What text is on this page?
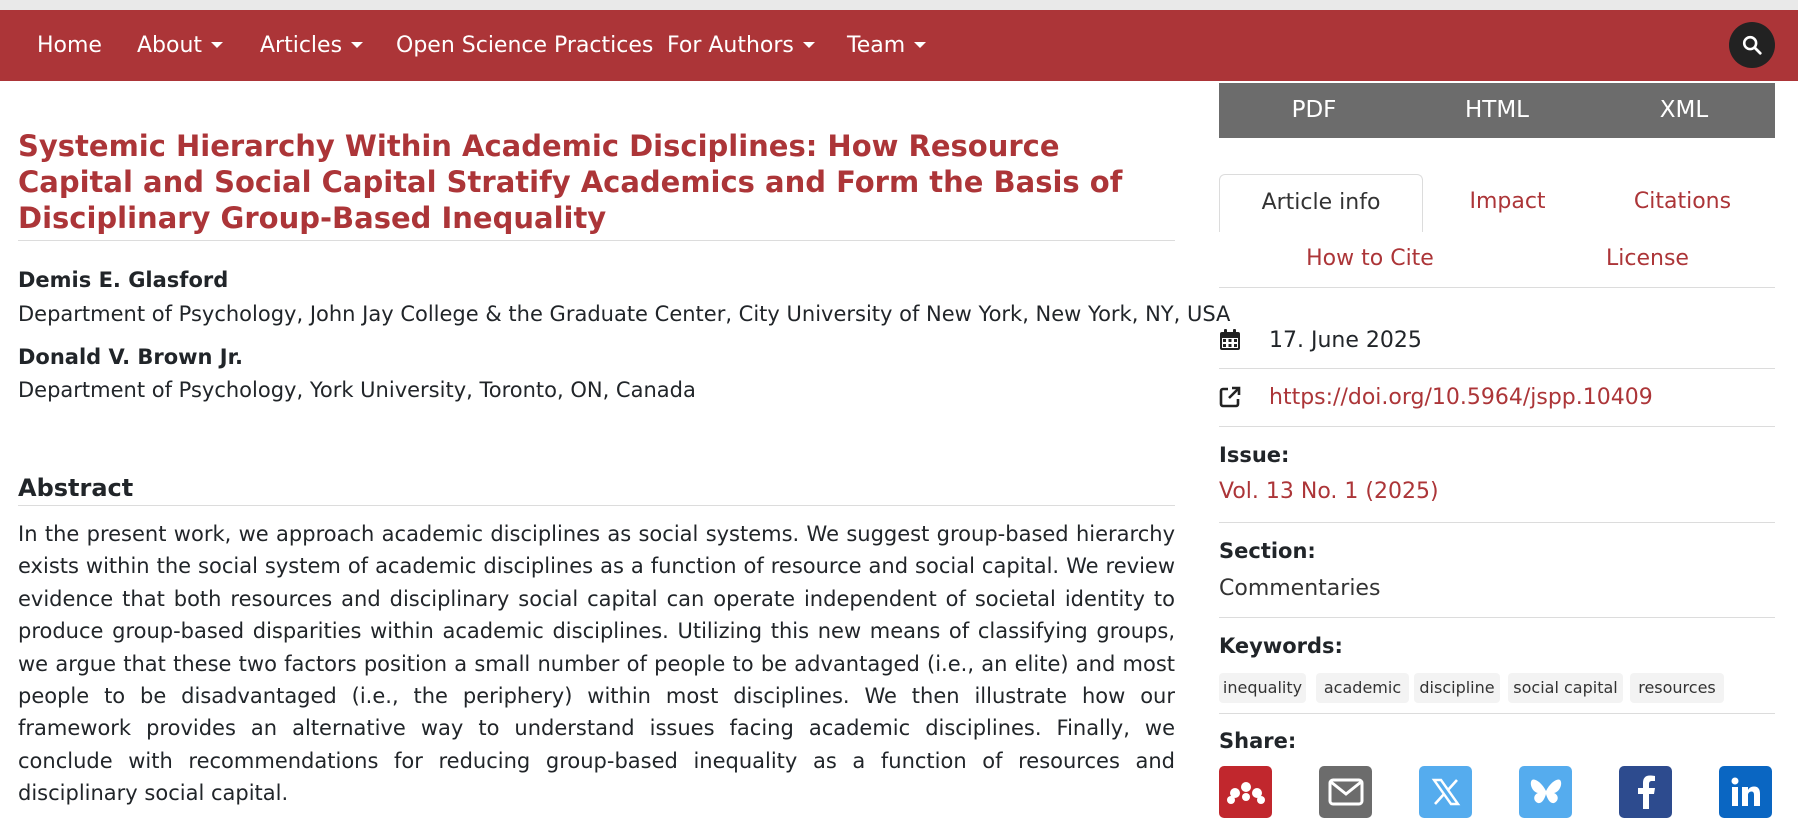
Home About	Articles	Open Science Practices For Authors	Team
Systemic Hierarchy Within Academic Disciplines: How Resource Capital and Social Capital Stratify Academics and Form the Basis of Disciplinary Group-Based Inequality
Demis E. Glasford
Department of Psychology, John Jay College & the Graduate Center, City University of New York, New York, NY, USA
Donald V. Brown Jr.
Department of Psychology, York University, Toronto, ON, Canada
Abstract

In the present work, we approach academic disciplines as social systems. We suggest group-based hierarchy exists within the social system of academic disciplines as a function of resource and social capital. We review evidence that both resources and disciplinary social capital can operate independent of societal identity to produce group-based disparities within academic disciplines. Utilizing this new means of classifying groups, we argue that these two factors position a small number of people to be advantaged (i.e., an elite) and most people to be disadvantaged (i.e., the periphery) within most disciplines. We then illustrate how our framework provides an alternative way to understand issues facing academic disciplines. Finally, we conclude with recommendations for reducing group-based inequality as a function of resources and disciplinary social capital.

PDF	HTML	XML
Article info	Impact	Citations
How to Cite	License
17. June 2025
https://doi.org/10.5964/jspp.10409
Issue:
Vol. 13 No. 1 (2025)
Section:
Commentaries
Keywords:
inequality	academic	discipline	social capital	resources
Share:
